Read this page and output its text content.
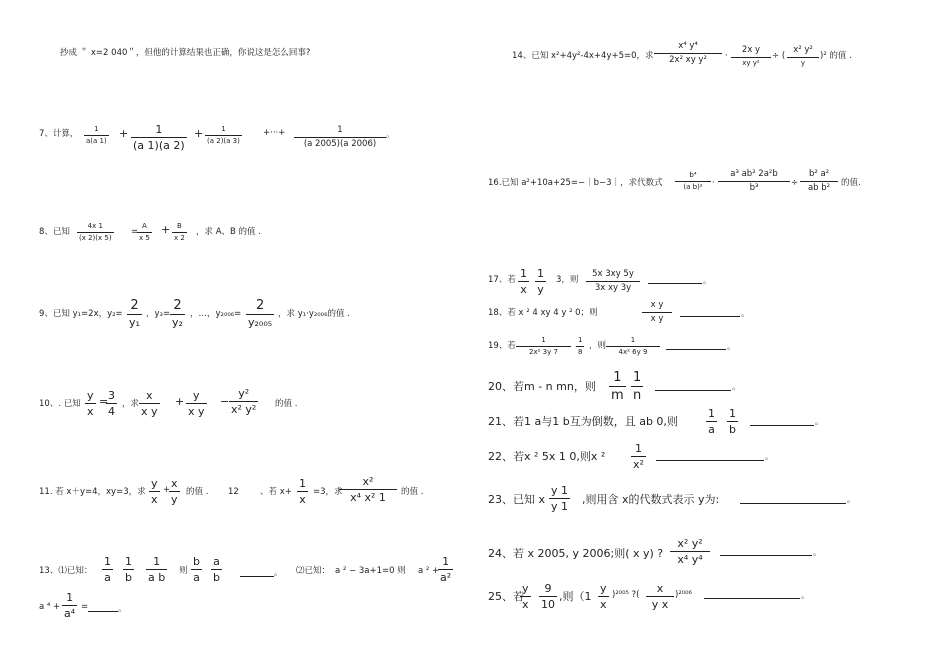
抄成 ＂ x=2 040＂，但他的计算结果也正确，你说这是怎么回事?
7、计算， $\frac{1}{a(a 1)} + \frac{1}{(a 1)(a 2)} + \frac{1}{(a 2)(a 3)}$ +···+ $\frac{1}{(a 2005)(a 2006)}$ 。
8、已知 $\frac{4x 1}{(x 2)(x 5)}$ =
$\frac{A}{x 5} + \frac{B}{x 2}$ ，求 A、B 的值 .
9、已知 y₁=2x，y₂=
2
y₁
，y₃=
2
y₂
，…，y₂₀₀₆=
2
y₂₀₀₅
，求 y₁·y₂₀₀₆的值 .
10、. 已知 $\frac{y}{x}$ =
$\frac{3}{4}$ ，求 $\frac{x}{\text{x y}} + \frac{y}{\text{x y}} - \frac{\text{y²}}{\text{x² y²}}$ 的值 .
11. 若 x＋y=4，xy=3，求 $\frac{y}{x}$ +
$\frac{x}{y}$ 的值 . 12 、若 $x+ \frac{1}{x} =3$，求
$\frac{\text{x²}}{\text{x⁴ x² 1}}$ 的值 .
13、⑴已知： $\frac{1}{a} \frac{1}{b} \frac{1}{\text{a b}}$ 则 $\frac{b}{a} \frac{a}{b}$	。 ⑵已知： a ² − 3a+1=0 则 a ² +
$\frac{1}{\text{a²}}$
a $^4 + \frac{1}{\text{a⁴}}$ =	。
14、已知 x²+4y²-4x+4y+5=0，求 $\frac{\text{x⁴ y⁴}}{\text{2x² xy y²}}$ ·
2x y
xy y²
÷ (
x² y²
y
)² 的值 .
16.已知 a²+10a+25=−｜b−3｜，求代数式 $\frac{\text{b⁴}}{\text{(a b)²}} \cdot \frac{\text{a³ ab² 2a²b}}{\text{b³}} \div \frac{\text{b² a²}}{\text{ab b²}}$ 的值.
17、若 $\frac{1}{x} \frac{1}{y} 3$，则 $\frac{5x 3xy 5y}{\text{3x xy 3y}}$	。
18、若 x ² 4 xy 4 y ² 0；则	$\frac{\text{x y}}{\text{x y}}$	。
19、若 $\frac{1}{\text{2x² 3y 7}} \frac{1}{8}$ ，则 $\frac{1}{\text{4x² 6y 9}}$	。
20、若m - n mn，则 $\frac{1}{m} \frac{1}{n}$	。
21、若1 a与1 b互为倒数，且 ab 0,则	$\frac{1}{a} \frac{1}{b}$	。
22、若x ² 5x 1 0,则x $^2 \frac{1}{\text{x²}}$	。
23、已知 x $\frac{y 1}{y 1}$ ,则用含 x的代数式表示 y为:	。
24、若 x 2005, y 2006;则( x y) ? $\frac{\text{x² y²}}{\text{x⁴ y⁴}}$	。
25、若
$\frac{y}{x} \frac{9}{10}$ ,则$(1 \frac{y}{x} )^{2005}$ ?( $\frac{x}{\text{y x}} )^{2006}$	。
